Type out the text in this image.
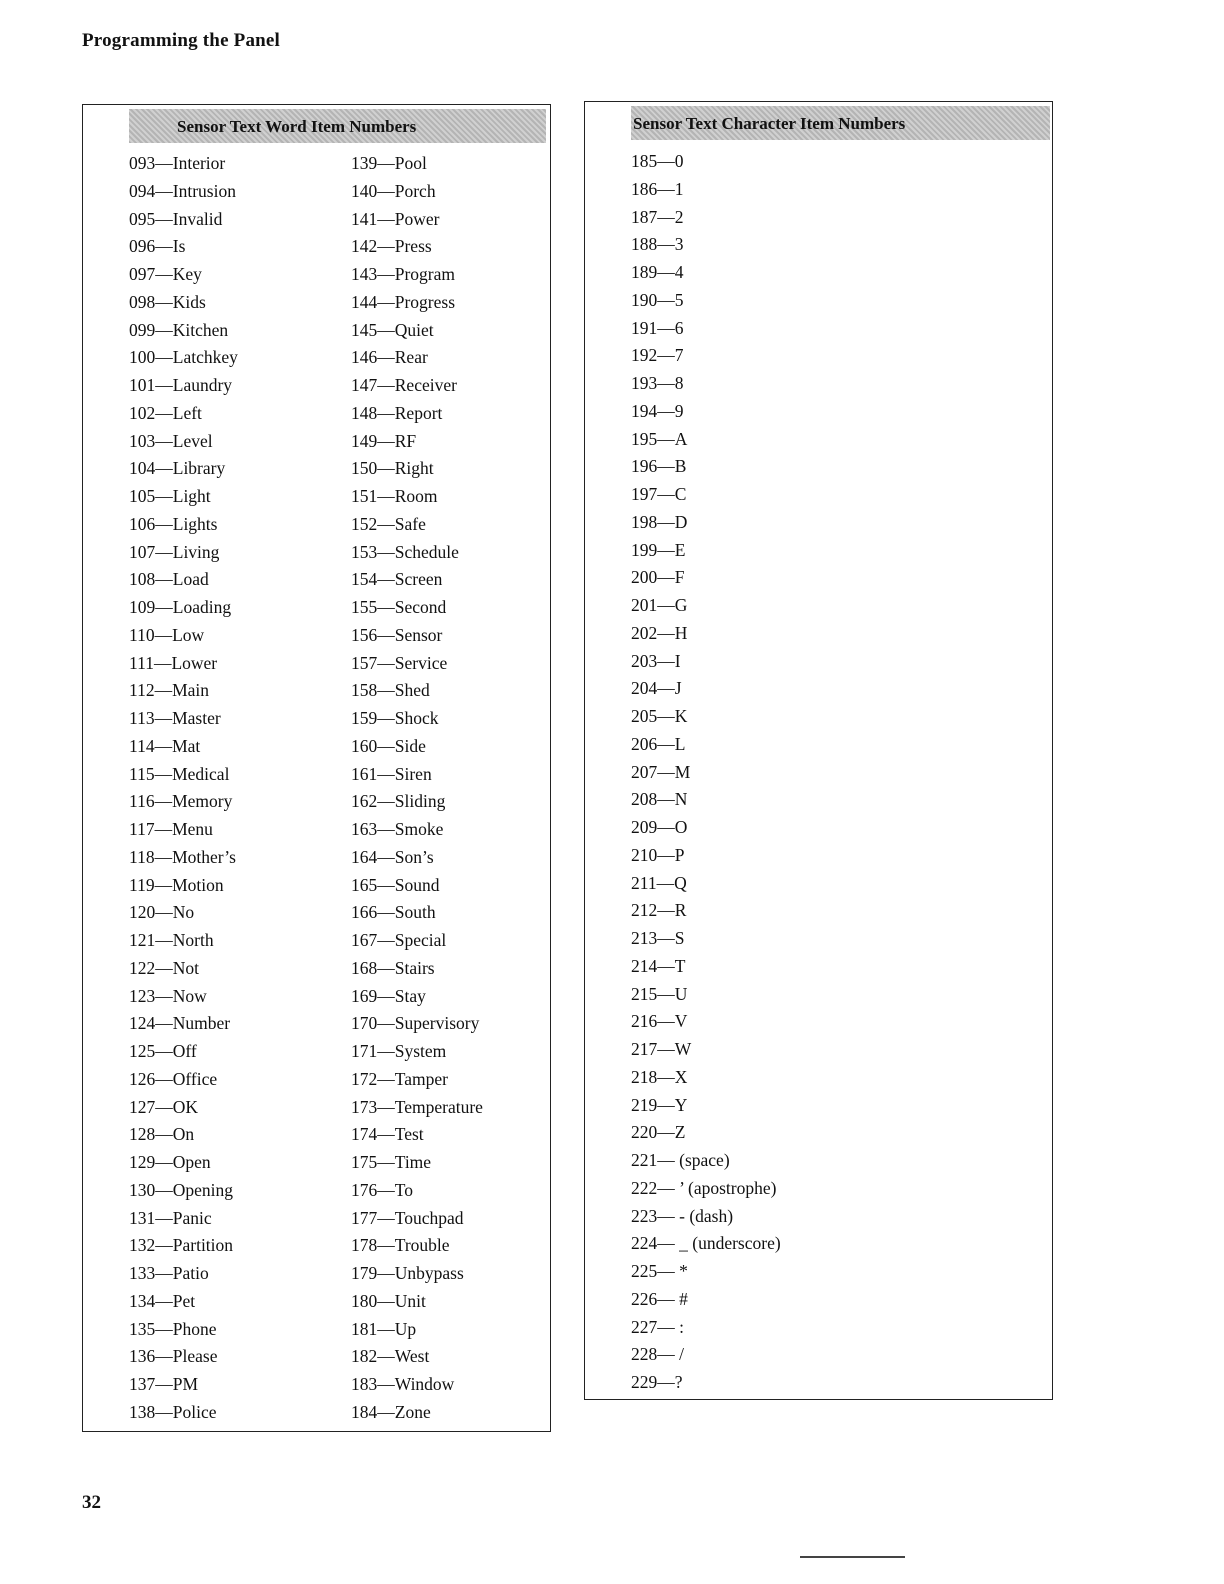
Programming the Panel
Sensor Text Word Item Numbers
093—Interior
094—Intrusion
095—Invalid
096—Is
097—Key
098—Kids
099—Kitchen
100—Latchkey
101—Laundry
102—Left
103—Level
104—Library
105—Light
106—Lights
107—Living
108—Load
109—Loading
110—Low
111—Lower
112—Main
113—Master
114—Mat
115—Medical
116—Memory
117—Menu
118—Mother’s
119—Motion
120—No
121—North
122—Not
123—Now
124—Number
125—Off
126—Office
127—OK
128—On
129—Open
130—Opening
131—Panic
132—Partition
133—Patio
134—Pet
135—Phone
136—Please
137—PM
138—Police
139—Pool
140—Porch
141—Power
142—Press
143—Program
144—Progress
145—Quiet
146—Rear
147—Receiver
148—Report
149—RF
150—Right
151—Room
152—Safe
153—Schedule
154—Screen
155—Second
156—Sensor
157—Service
158—Shed
159—Shock
160—Side
161—Siren
162—Sliding
163—Smoke
164—Son’s
165—Sound
166—South
167—Special
168—Stairs
169—Stay
170—Supervisory
171—System
172—Tamper
173—Temperature
174—Test
175—Time
176—To
177—Touchpad
178—Trouble
179—Unbypass
180—Unit
181—Up
182—West
183—Window
184—Zone
Sensor Text Character Item Numbers
185—0
186—1
187—2
188—3
189—4
190—5
191—6
192—7
193—8
194—9
195—A
196—B
197—C
198—D
199—E
200—F
201—G
202—H
203—I
204—J
205—K
206—L
207—M
208—N
209—O
210—P
211—Q
212—R
213—S
214—T
215—U
216—V
217—W
218—X
219—Y
220—Z
221— (space)
222— ’ (apostrophe)
223— - (dash)
224— _ (underscore)
225— *
226— #
227— :
228— /
229—?
32
